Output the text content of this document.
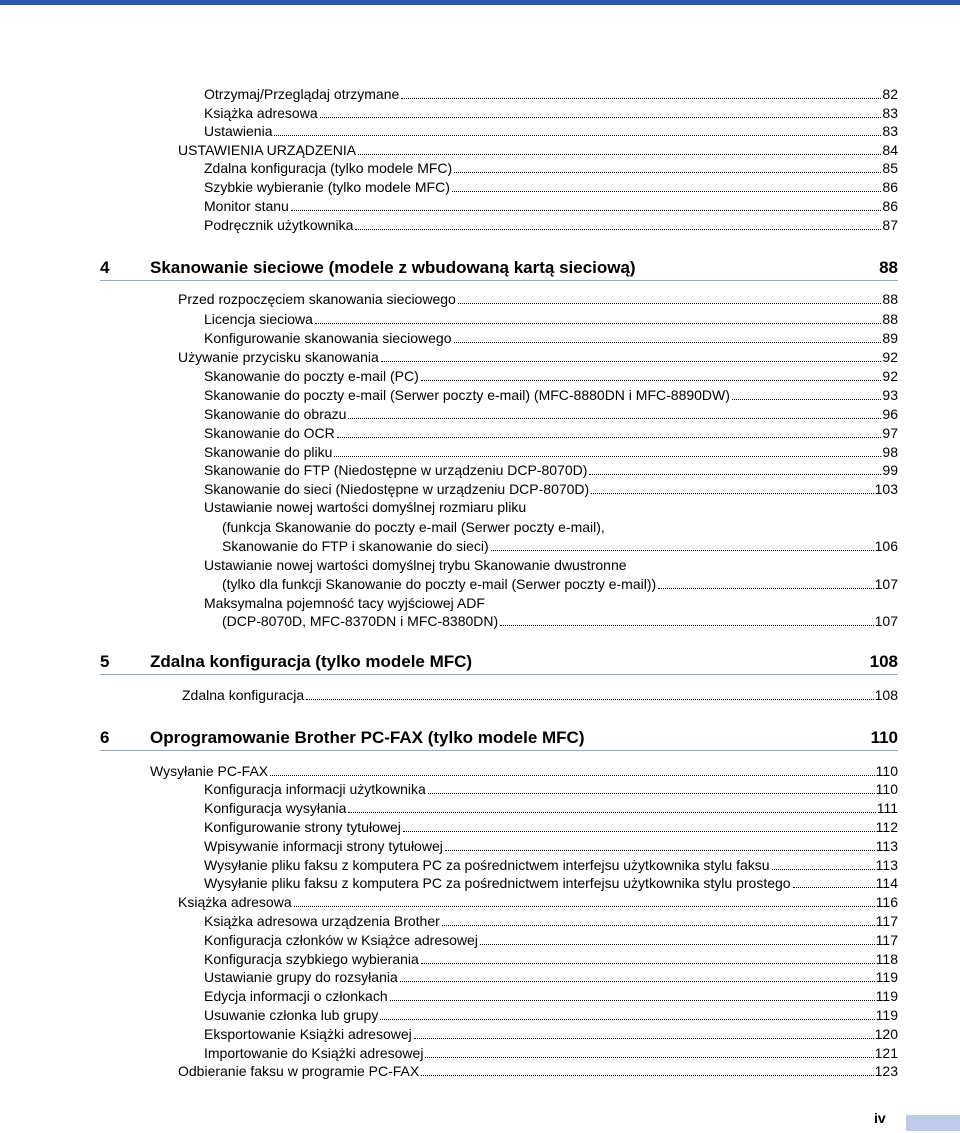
Otrzymaj/Przeglądaj otrzymane	82
Książka adresowa	83
Ustawienia	83
USTAWIENIA URZĄDZENIA	84
Zdalna konfiguracja (tylko modele MFC)	85
Szybkie wybieranie (tylko modele MFC)	86
Monitor stanu	86
Podręcznik użytkownika	87
4 Skanowanie sieciowe (modele z wbudowaną kartą sieciową)	88
Przed rozpoczęciem skanowania sieciowego	88
Licencja sieciowa	88
Konfigurowanie skanowania sieciowego	89
Używanie przycisku skanowania	92
Skanowanie do poczty e-mail (PC)	92
Skanowanie do poczty e-mail (Serwer poczty e-mail) (MFC-8880DN i MFC-8890DW)	93
Skanowanie do obrazu	96
Skanowanie do OCR	97
Skanowanie do pliku	98
Skanowanie do FTP (Niedostępne w urządzeniu DCP-8070D)	99
Skanowanie do sieci (Niedostępne w urządzeniu DCP-8070D)	103
Ustawianie nowej wartości domyślnej rozmiaru pliku
(funkcja Skanowanie do poczty e-mail (Serwer poczty e-mail),
Skanowanie do FTP i skanowanie do sieci)	106
Ustawianie nowej wartości domyślnej trybu Skanowanie dwustronne
(tylko dla funkcji Skanowanie do poczty e-mail (Serwer poczty e-mail))	107
Maksymalna pojemność tacy wyjściowej ADF
(DCP-8070D, MFC-8370DN i MFC-8380DN)	107
5 Zdalna konfiguracja (tylko modele MFC)	108
Zdalna konfiguracja	108
6 Oprogramowanie Brother PC-FAX (tylko modele MFC)	110
Wysyłanie PC-FAX	110
Konfiguracja informacji użytkownika	110
Konfiguracja wysyłania	111
Konfigurowanie strony tytułowej	112
Wpisywanie informacji strony tytułowej	113
Wysyłanie pliku faksu z komputera PC za pośrednictwem interfejsu użytkownika stylu faksu	113
Wysyłanie pliku faksu z komputera PC za pośrednictwem interfejsu użytkownika stylu prostego	114
Książka adresowa	116
Książka adresowa urządzenia Brother	117
Konfiguracja członków w Książce adresowej	117
Konfiguracja szybkiego wybierania	118
Ustawianie grupy do rozsyłania	119
Edycja informacji o członkach	119
Usuwanie członka lub grupy	119
Eksportowanie Książki adresowej	120
Importowanie do Książki adresowej	121
Odbieranie faksu w programie PC-FAX	123
iv
